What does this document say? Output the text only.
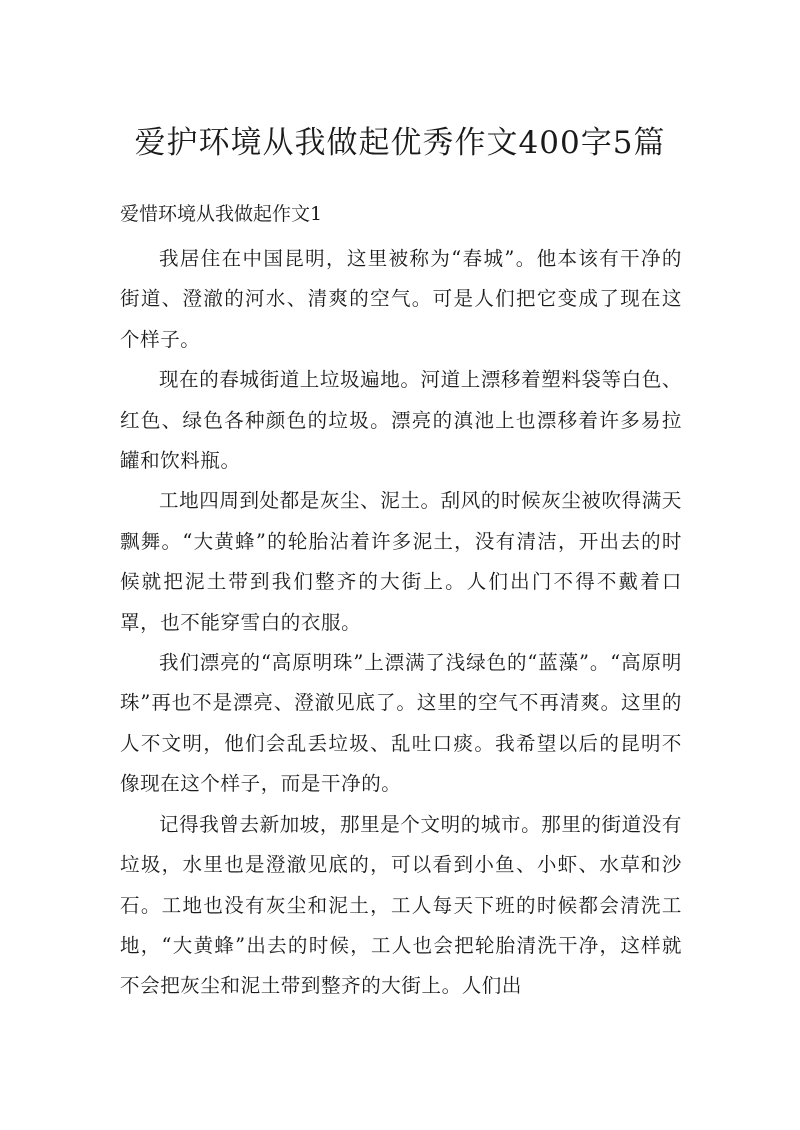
爱护环境从我做起优秀作文400字5篇
爱惜环境从我做起作文1

我居住在中国昆明，这里被称为“春城”。他本该有干净的街道、澄澈的河水、清爽的空气。可是人们把它变成了现在这个样子。

现在的春城街道上垃圾遍地。河道上漂移着塑料袋等白色、红色、绿色各种颜色的垃圾。漂亮的滇池上也漂移着许多易拉罐和饮料瓶。

工地四周到处都是灰尘、泥土。刮风的时候灰尘被吹得满天飘舞。“大黄蜂”的轮胎沾着许多泥土，没有清洁，开出去的时候就把泥土带到我们整齐的大街上。人们出门不得不戴着口罩，也不能穿雪白的衣服。

我们漂亮的“高原明珠”上漂满了浅绿色的“蓝藻”。“高原明珠”再也不是漂亮、澄澈见底了。这里的空气不再清爽。这里的人不文明，他们会乱丢垃圾、乱吐口痰。我希望以后的昆明不像现在这个样子，而是干净的。

记得我曾去新加坡，那里是个文明的城市。那里的街道没有垃圾，水里也是澄澈见底的，可以看到小鱼、小虾、水草和沙石。工地也没有灰尘和泥土，工人每天下班的时候都会清洗工地，“大黄蜂”出去的时候，工人也会把轮胎清洗干净，这样就不会把灰尘和泥土带到整齐的大街上。人们出
